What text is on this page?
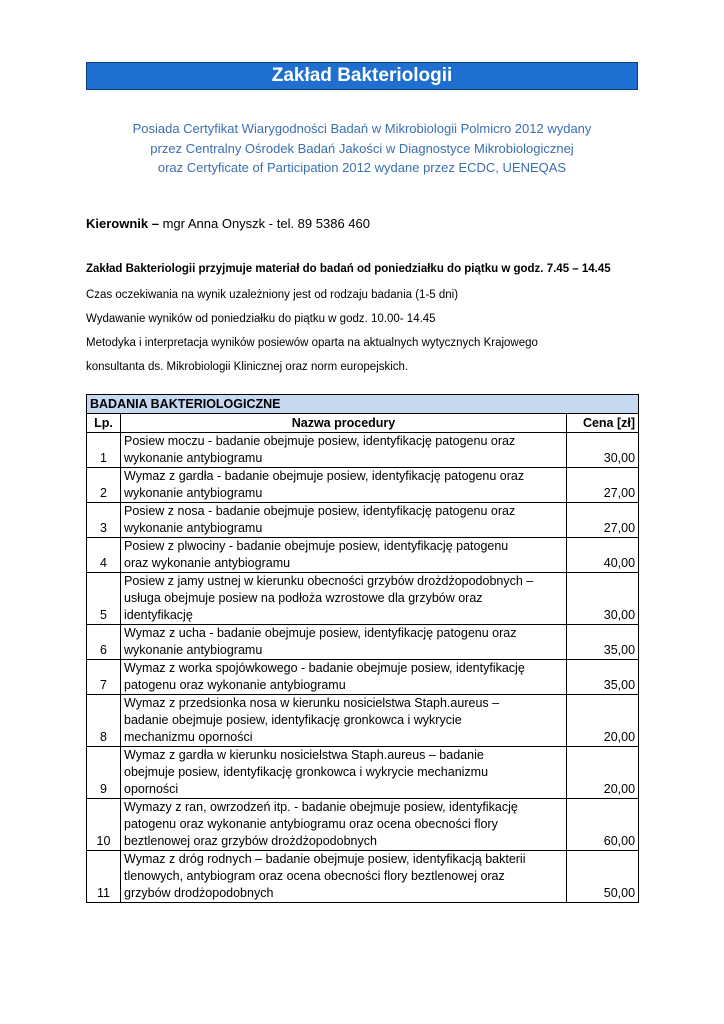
Zakład Bakteriologii
Posiada Certyfikat Wiarygodności Badań w Mikrobiologii Polmicro 2012 wydany
przez Centralny Ośrodek Badań Jakości w Diagnostyce Mikrobiologicznej
oraz Certyficate of Participation 2012 wydane przez ECDC, UENEQAS
Kierownik – mgr Anna Onyszk - tel. 89 5386 460
Zakład Bakteriologii przyjmuje materiał do badań od poniedziałku do piątku w godz. 7.45 – 14.45
Czas oczekiwania na wynik uzależniony jest od rodzaju badania (1-5 dni)
Wydawanie wyników od poniedziałku do piątku w godz. 10.00- 14.45
Metodyka i interpretacja wyników posiewów oparta na aktualnych wytycznych Krajowego
konsultanta ds. Mikrobiologii Klinicznej oraz norm europejskich.
BADANIA BAKTERIOLOGICZNE		
Lp.	Nazwa procedury	Cena [zł]
1	Posiew moczu - badanie obejmuje posiew, identyfikację patogenu oraz
wykonanie antybiogramu	30,00
2	Wymaz z gardła - badanie obejmuje posiew, identyfikację patogenu oraz
wykonanie antybiogramu	27,00
3	Posiew z nosa - badanie obejmuje posiew, identyfikację patogenu oraz
wykonanie antybiogramu	27,00
4	Posiew z plwociny - badanie obejmuje posiew, identyfikację patogenu
oraz wykonanie antybiogramu	40,00
5	Posiew z jamy ustnej w kierunku obecności grzybów drożdżopodobnych –
usługa obejmuje posiew na podłoża wzrostowe dla grzybów oraz
identyfikację	30,00
6	Wymaz z ucha - badanie obejmuje posiew, identyfikację patogenu oraz
wykonanie antybiogramu	35,00
7	Wymaz z worka spojówkowego - badanie obejmuje posiew, identyfikację
patogenu oraz wykonanie antybiogramu	35,00
8	Wymaz z przedsionka nosa w kierunku nosicielstwa Staph.aureus –
badanie obejmuje posiew, identyfikację gronkowca i wykrycie
mechanizmu oporności	20,00
9	Wymaz z gardła w kierunku nosicielstwa Staph.aureus – badanie
obejmuje posiew, identyfikację gronkowca i wykrycie mechanizmu
oporności	20,00
10	Wymazy z ran, owrzodzeń itp. - badanie obejmuje posiew, identyfikację
patogenu oraz wykonanie antybiogramu oraz ocena obecności flory
beztlenowej oraz grzybów drożdżopodobnych	60,00
11	Wymaz z dróg rodnych – badanie obejmuje posiew, identyfikacją bakterii
tlenowych, antybiogram oraz ocena obecności flory beztlenowej oraz
grzybów drodżopodobnych	50,00
